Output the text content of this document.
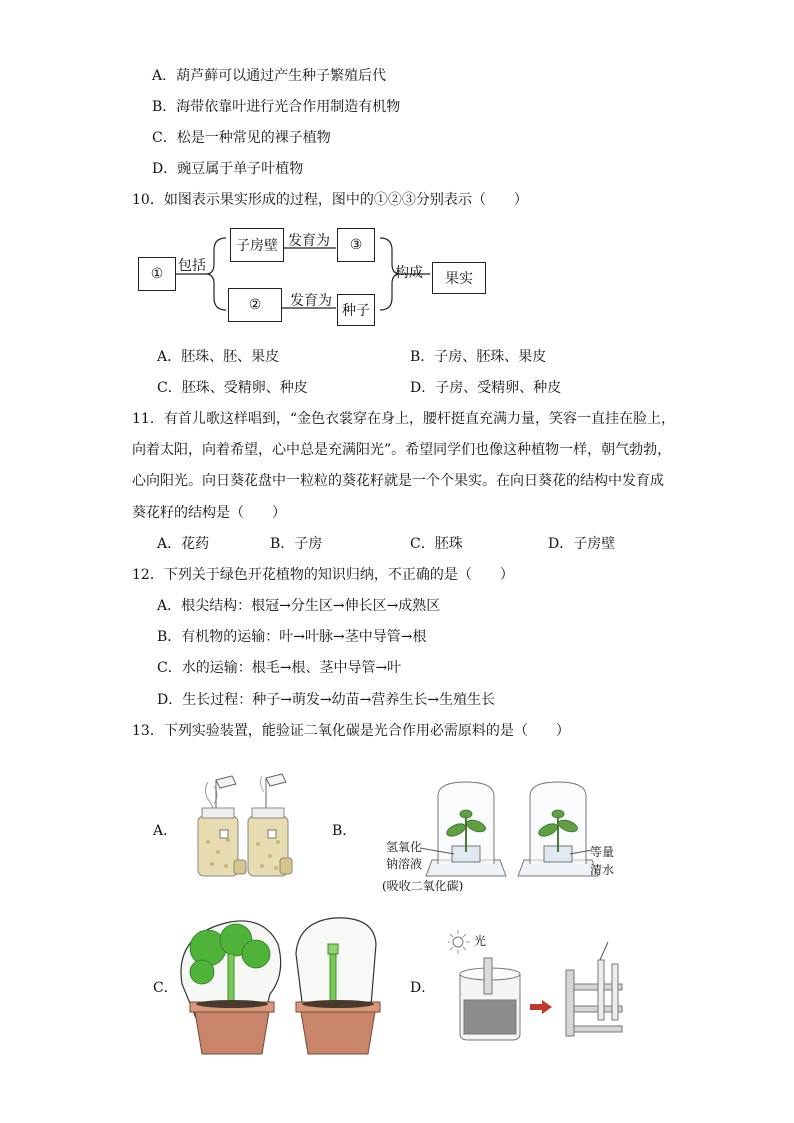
A．葫芦藓可以通过产生种子繁殖后代
B．海带依靠叶进行光合作用制造有机物
C．松是一种常见的裸子植物
D．豌豆属于单子叶植物
10．如图表示果实形成的过程，图中的①②③分别表示（　　）
①	包括
子房壁 发育为	③
②	发育为
种子
构成	果实
A．胚珠、胚、果皮	B．子房、胚珠、果皮
C．胚珠、受精卵、种皮	D．子房、受精卵、种皮
11．有首儿歌这样唱到，“金色衣裳穿在身上，腰杆挺直充满力量，笑容一直挂在脸上，
向着太阳，向着希望，心中总是充满阳光”。希望同学们也像这种植物一样，朝气勃勃，
心向阳光。向日葵花盘中一粒粒的葵花籽就是一个个果实。在向日葵花的结构中发育成
葵花籽的结构是（　　）
A．花药	B．子房	C．胚珠	D．子房壁
12．下列关于绿色开花植物的知识归纳，不正确的是（　　）
A．根尖结构：根冠→分生区→伸长区→成熟区
B．有机物的运输：叶→叶脉→茎中导管→根
C．水的运输：根毛→根、茎中导管→叶
D．生长过程：种子→萌发→幼苗→营养生长→生殖生长
13．下列实验装置，能验证二氧化碳是光合作用必需原料的是（　　）
A．	B．
C．	D．
氢氧化
钠溶液
等量
清水
(吸收二氧化碳)
光
